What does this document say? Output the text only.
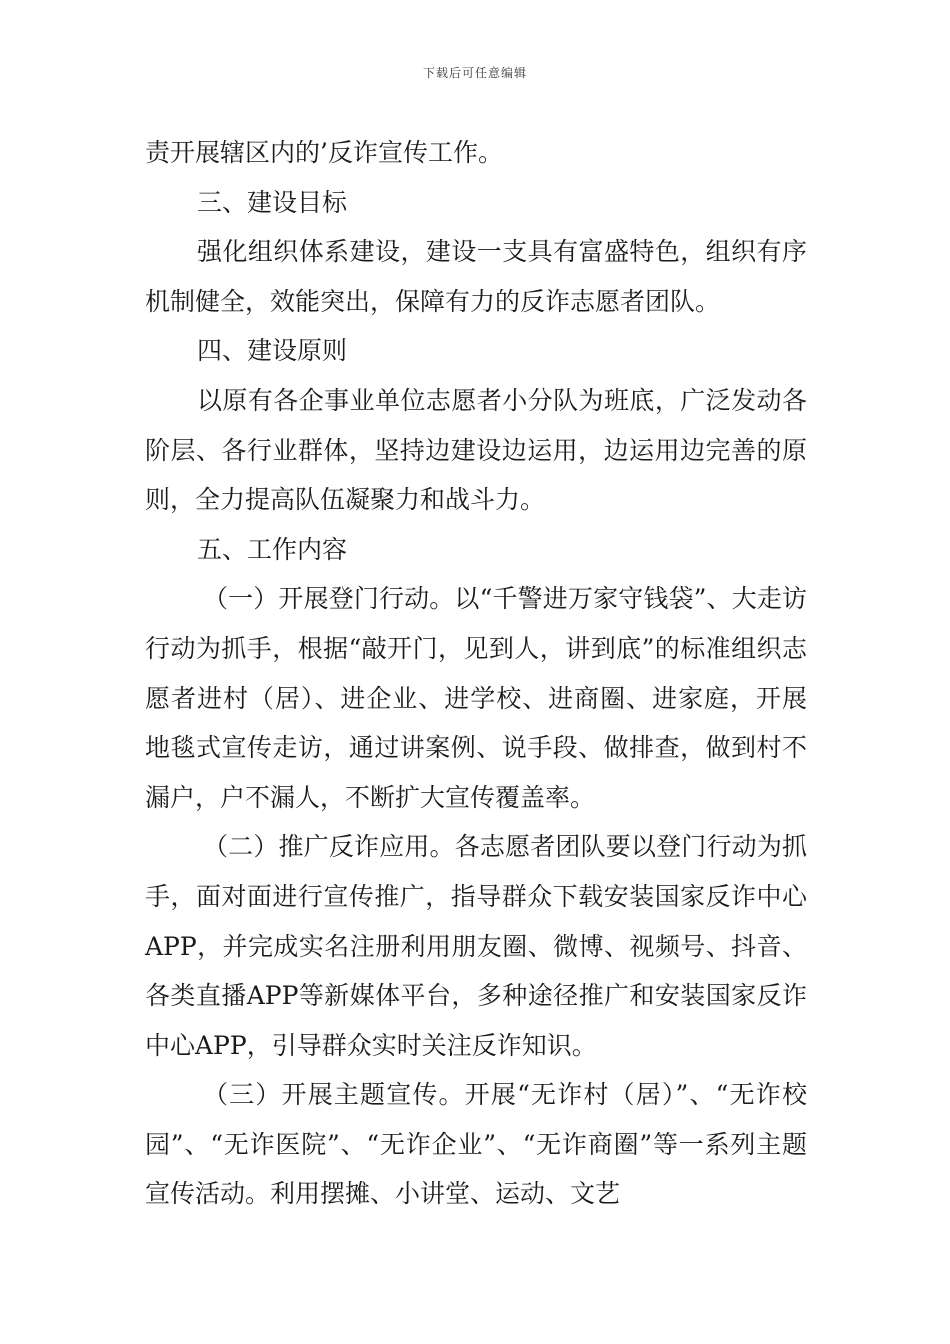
下载后可任意编辑

责开展辖区内的’反诈宣传工作。

三、建设目标

强化组织体系建设，建设一支具有富盛特色，组织有序机制健全，效能突出，保障有力的反诈志愿者团队。

四、建设原则

以原有各企事业单位志愿者小分队为班底，广泛发动各阶层、各行业群体，坚持边建设边运用，边运用边完善的原则，全力提高队伍凝聚力和战斗力。

五、工作内容

（一）开展登门行动。以“千警进万家守钱袋”、大走访行动为抓手，根据“敲开门，见到人，讲到底”的标准组织志愿者进村（居）、进企业、进学校、进商圈、进家庭，开展地毯式宣传走访，通过讲案例、说手段、做排查，做到村不漏户，户不漏人，不断扩大宣传覆盖率。

（二）推广反诈应用。各志愿者团队要以登门行动为抓手，面对面进行宣传推广，指导群众下载安装国家反诈中心APP，并完成实名注册利用朋友圈、微博、视频号、抖音、各类直播APP等新媒体平台，多种途径推广和安装国家反诈中心APP，引导群众实时关注反诈知识。

（三）开展主题宣传。开展“无诈村（居）”、“无诈校园”、“无诈医院”、“无诈企业”、“无诈商圈”等一系列主题宣传活动。利用摆摊、小讲堂、运动、文艺
